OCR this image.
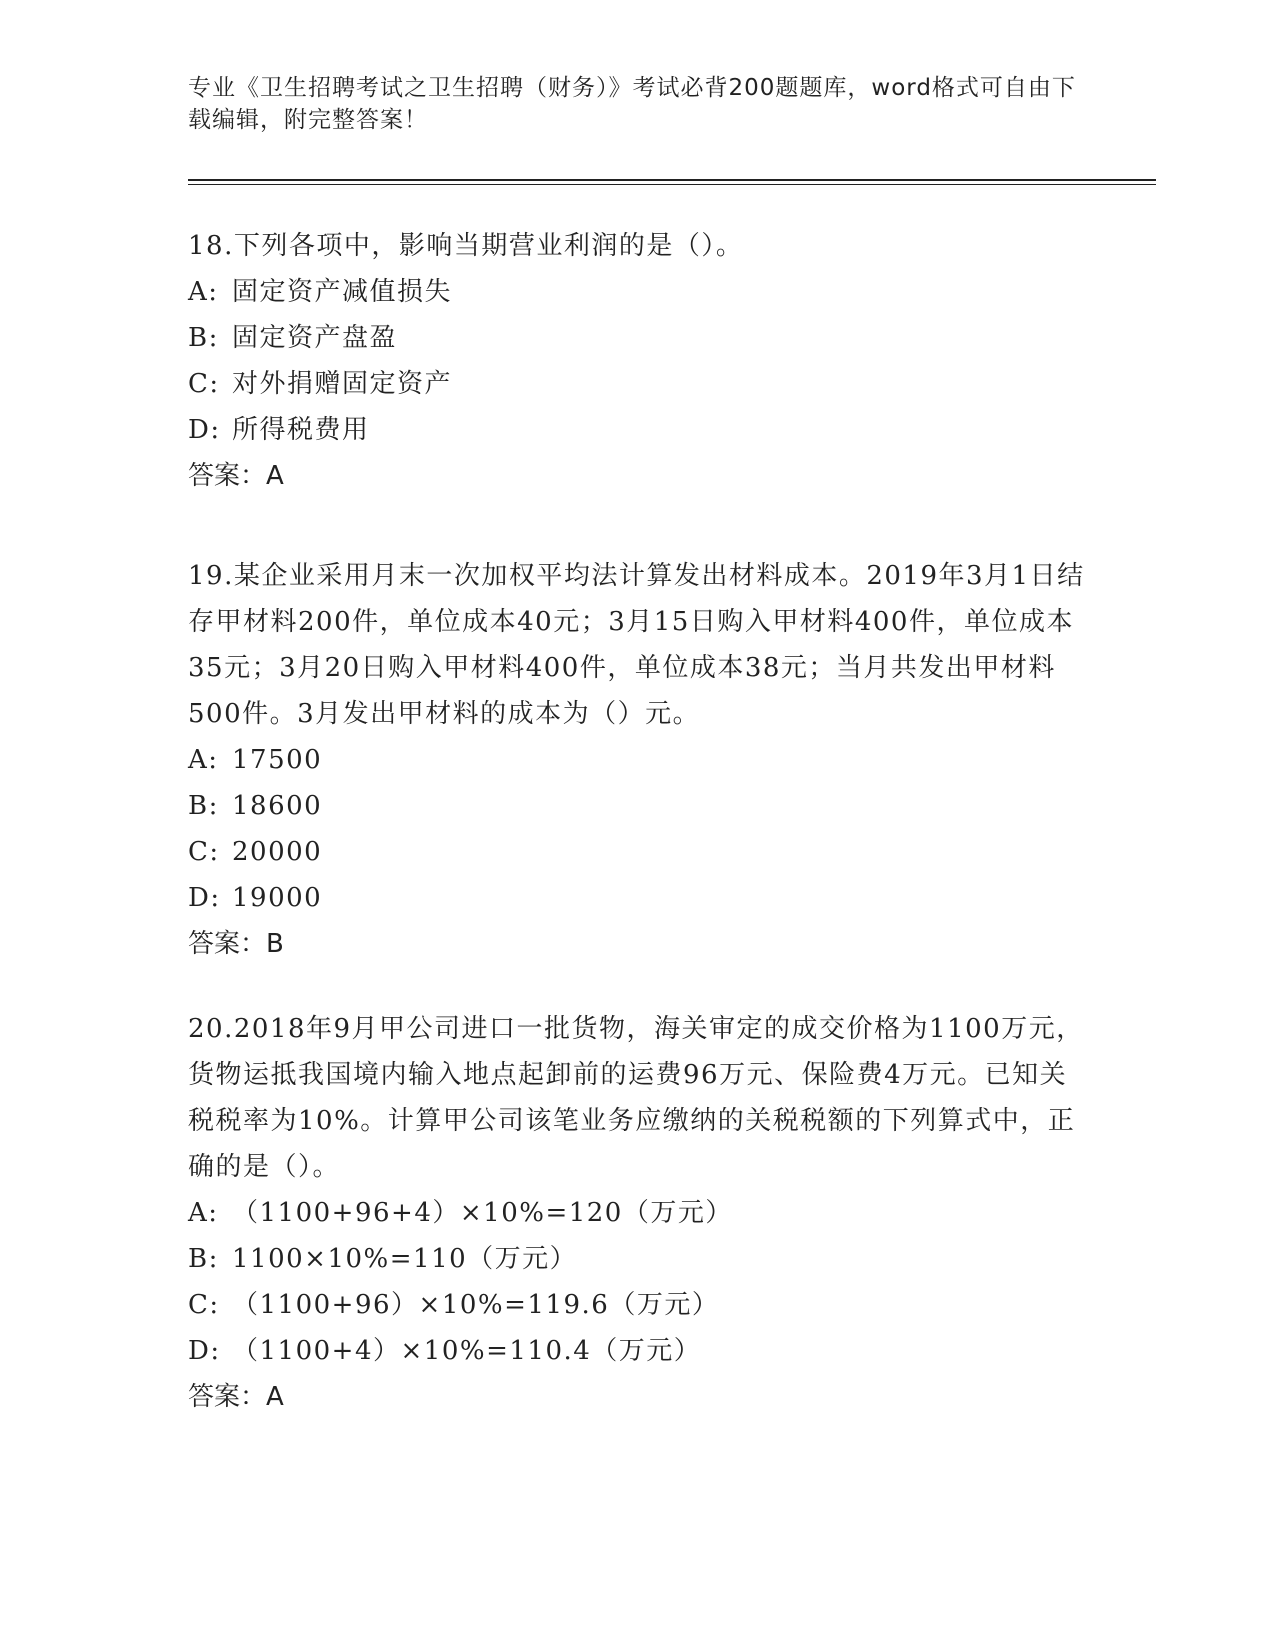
专业《卫生招聘考试之卫生招聘（财务）》考试必背200题题库，word格式可自由下载编辑，附完整答案！

18.下列各项中，影响当期营业利润的是（）。

A: 固定资产减值损失

B: 固定资产盘盈

C: 对外捐赠固定资产

D: 所得税费用

答案：A

19.某企业采用月末一次加权平均法计算发出材料成本。2019年3月1日结存甲材料200件，单位成本40元；3月15日购入甲材料400件，单位成本35元；3月20日购入甲材料400件，单位成本38元；当月共发出甲材料500件。3月发出甲材料的成本为（）元。

A: 17500

B: 18600

C: 20000

D: 19000

答案：B

20.2018年9月甲公司进口一批货物，海关审定的成交价格为1100万元，货物运抵我国境内输入地点起卸前的运费96万元、保险费4万元。已知关税税率为10%。计算甲公司该笔业务应缴纳的关税税额的下列算式中，正确的是（）。

A: （1100+96+4）×10%=120（万元）

B: 1100×10%=110（万元）

C: （1100+96）×10%=119.6（万元）

D: （1100+4）×10%=110.4（万元）

答案：A
